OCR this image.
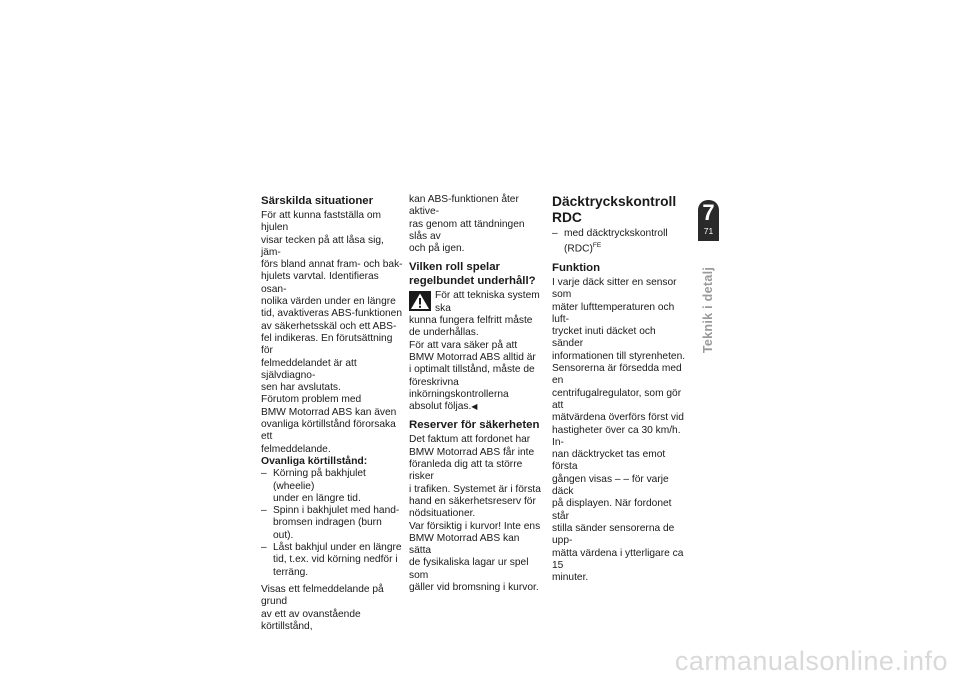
Särskilda situationer

För att kunna fastställa om hjulen
visar tecken på att låsa sig, jäm-
förs bland annat fram- och bak-
hjulets varvtal. Identifieras osan-
nolika värden under en längre
tid, avaktiveras ABS-funktionen
av säkerhetsskäl och ett ABS-
fel indikeras. En förutsättning för
felmeddelandet är att självdiagno-
sen har avslutats.

Förutom problem med
BMW Motorrad ABS kan även
ovanliga körtillstånd förorsaka ett
felmeddelande.

Ovanliga körtillstånd:
– Körning på bakhjulet (wheelie)
under en längre tid.
– Spinn i bakhjulet med hand-
bromsen indragen (burn out).
– Låst bakhjul under en längre
tid, t.ex. vid körning nedför i
terräng.

Visas ett felmeddelande på grund
av ett av ovanstående körtillstånd,

kan ABS-funktionen åter aktive-
ras genom att tändningen slås av
och på igen.

Vilken roll spelar
regelbundet underhåll?

För att tekniska system ska
kunna fungera felfritt måste
de underhållas.

För att vara säker på att
BMW Motorrad ABS alltid är
i optimalt tillstånd, måste de
föreskrivna inkörningskontrollerna
absolut följas.◀

Reserver för säkerheten

Det faktum att fordonet har
BMW Motorrad ABS får inte
föranleda dig att ta större risker
i trafiken. Systemet är i första
hand en säkerhetsreserv för
nödsituationer.

Var försiktig i kurvor! Inte ens
BMW Motorrad ABS kan sätta
de fysikaliska lagar ur spel som
gäller vid bromsning i kurvor.

Däcktryckskontroll
RDC
– med däcktryckskontroll
(RDC)$^{FE}$
Funktion

I varje däck sitter en sensor som
mäter lufttemperaturen och luft-
trycket inuti däcket och sänder
informationen till styrenheten.
Sensorerna är försedda med en
centrifugalregulator, som gör att
mätvärdena överförs först vid
hastigheter över ca 30 km/h. In-
nan däcktrycket tas emot första
gången visas – – för varje däck
på displayen. När fordonet står
stilla sänder sensorerna de upp-
mätta värdena i ytterligare ca 15
minuter.

7
71
Teknik i detalj
carmanualsonline.info
